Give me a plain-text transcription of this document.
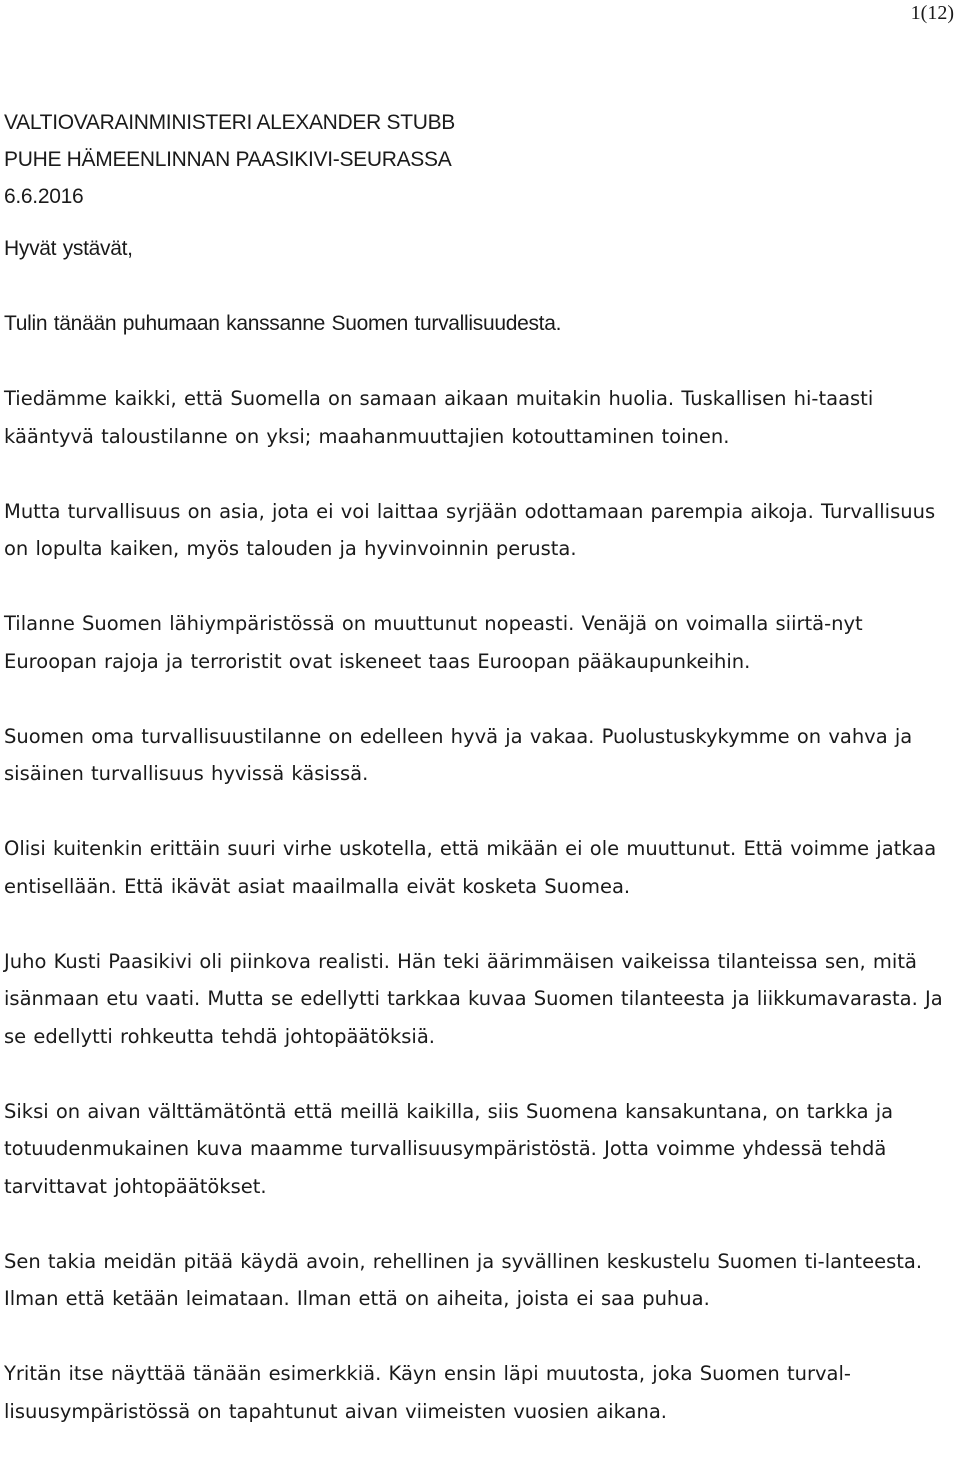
1(12)
VALTIOVARAINMINISTERI ALEXANDER STUBB
PUHE HÄMEENLINNAN PAASIKIVI-SEURASSA
6.6.2016

Hyvät ystävät,

Tulin tänään puhumaan kanssanne Suomen turvallisuudesta.

Tiedämme kaikki, että Suomella on samaan aikaan muitakin huolia. Tuskallisen hi-taasti kääntyvä taloustilanne on yksi; maahanmuuttajien kotouttaminen toinen.

Mutta turvallisuus on asia, jota ei voi laittaa syrjään odottamaan parempia aikoja. Turvallisuus on lopulta kaiken, myös talouden ja hyvinvoinnin perusta.

Tilanne Suomen lähiympäristössä on muuttunut nopeasti. Venäjä on voimalla siirtä-nyt Euroopan rajoja ja terroristit ovat iskeneet taas Euroopan pääkaupunkeihin.

Suomen oma turvallisuustilanne on edelleen hyvä ja vakaa. Puolustuskykymme on vahva ja sisäinen turvallisuus hyvissä käsissä.

Olisi kuitenkin erittäin suuri virhe uskotella, että mikään ei ole muuttunut. Että voimme jatkaa entisellään. Että ikävät asiat maailmalla eivät kosketa Suomea.

Juho Kusti Paasikivi oli piinkova realisti. Hän teki äärimmäisen vaikeissa tilanteissa sen, mitä isänmaan etu vaati. Mutta se edellytti tarkkaa kuvaa Suomen tilanteesta ja liikkumavarasta. Ja se edellytti rohkeutta tehdä johtopäätöksiä.

Siksi on aivan välttämätöntä että meillä kaikilla, siis Suomena kansakuntana, on tarkka ja totuudenmukainen kuva maamme turvallisuusympäristöstä. Jotta voimme yhdessä tehdä tarvittavat johtopäätökset.

Sen takia meidän pitää käydä avoin, rehellinen ja syvällinen keskustelu Suomen ti-lanteesta. Ilman että ketään leimataan. Ilman että on aiheita, joista ei saa puhua.

Yritän itse näyttää tänään esimerkkiä. Käyn ensin läpi muutosta, joka Suomen turval-lisuusympäristössä on tapahtunut aivan viimeisten vuosien aikana.
